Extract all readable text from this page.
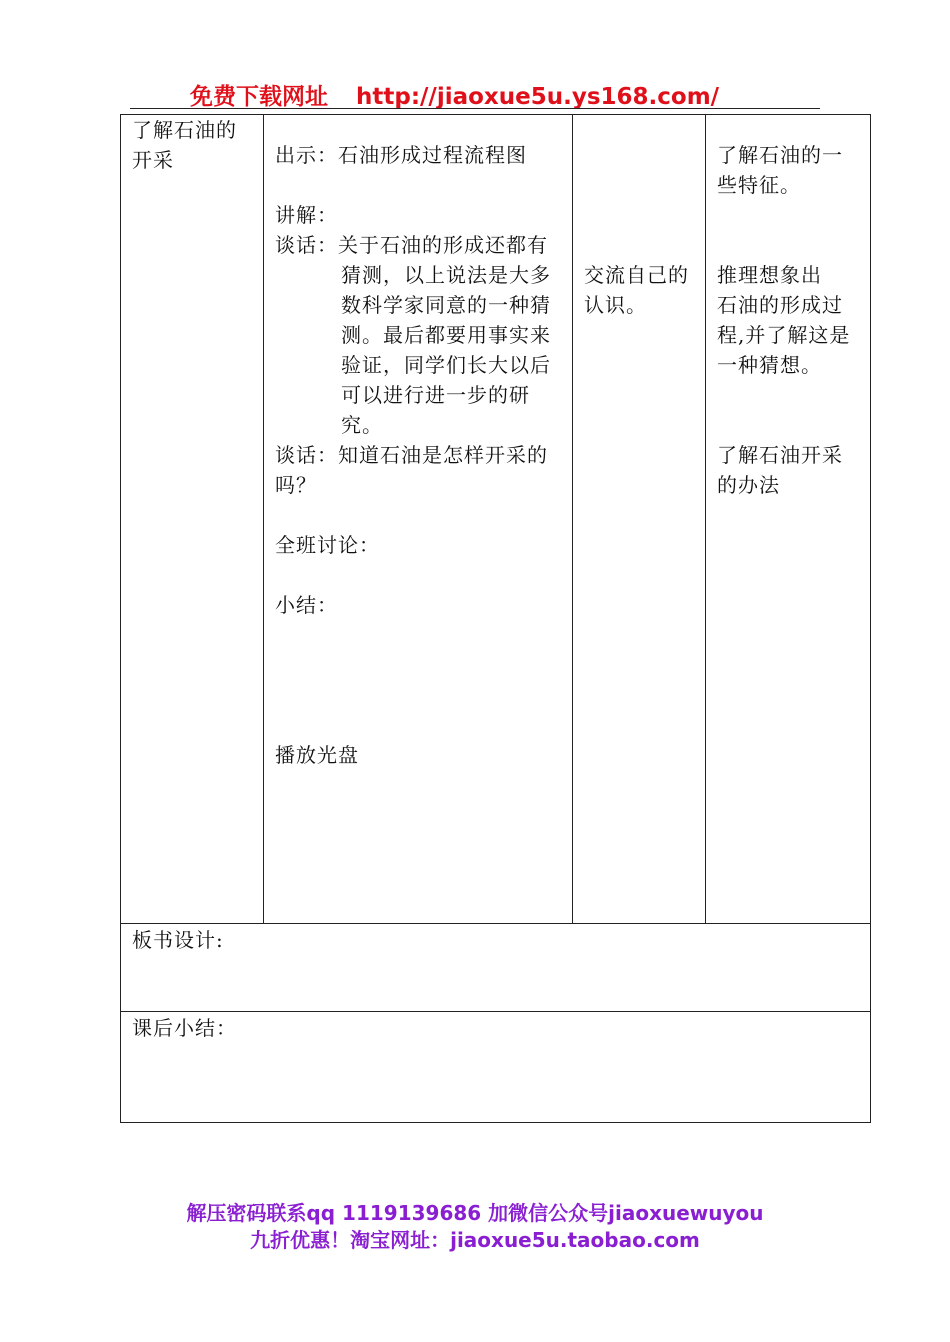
免费下载网址 http://jiaoxue5u.ys168.com/
了解石油的
开采	出示：石油形成过程流程图
讲解：
谈话：关于石油的形成还都有
猜测，以上说法是大多
数科学家同意的一种猜
测。最后都要用事实来
验证，同学们长大以后
可以进行进一步的研
究。
谈话：知道石油是怎样开采的
吗？
全班讨论：
小结：
播放光盘
交流自己的
认识。
了解石油的一
些特征。
推理想象出
石油的形成过
程,并了解这是
一种猜想。
了解石油开采
的办法
板书设计:
课后小结：
解压密码联系qq 1119139686 加微信公众号jiaoxuewuyou
九折优惠！淘宝网址：jiaoxue5u.taobao.com
